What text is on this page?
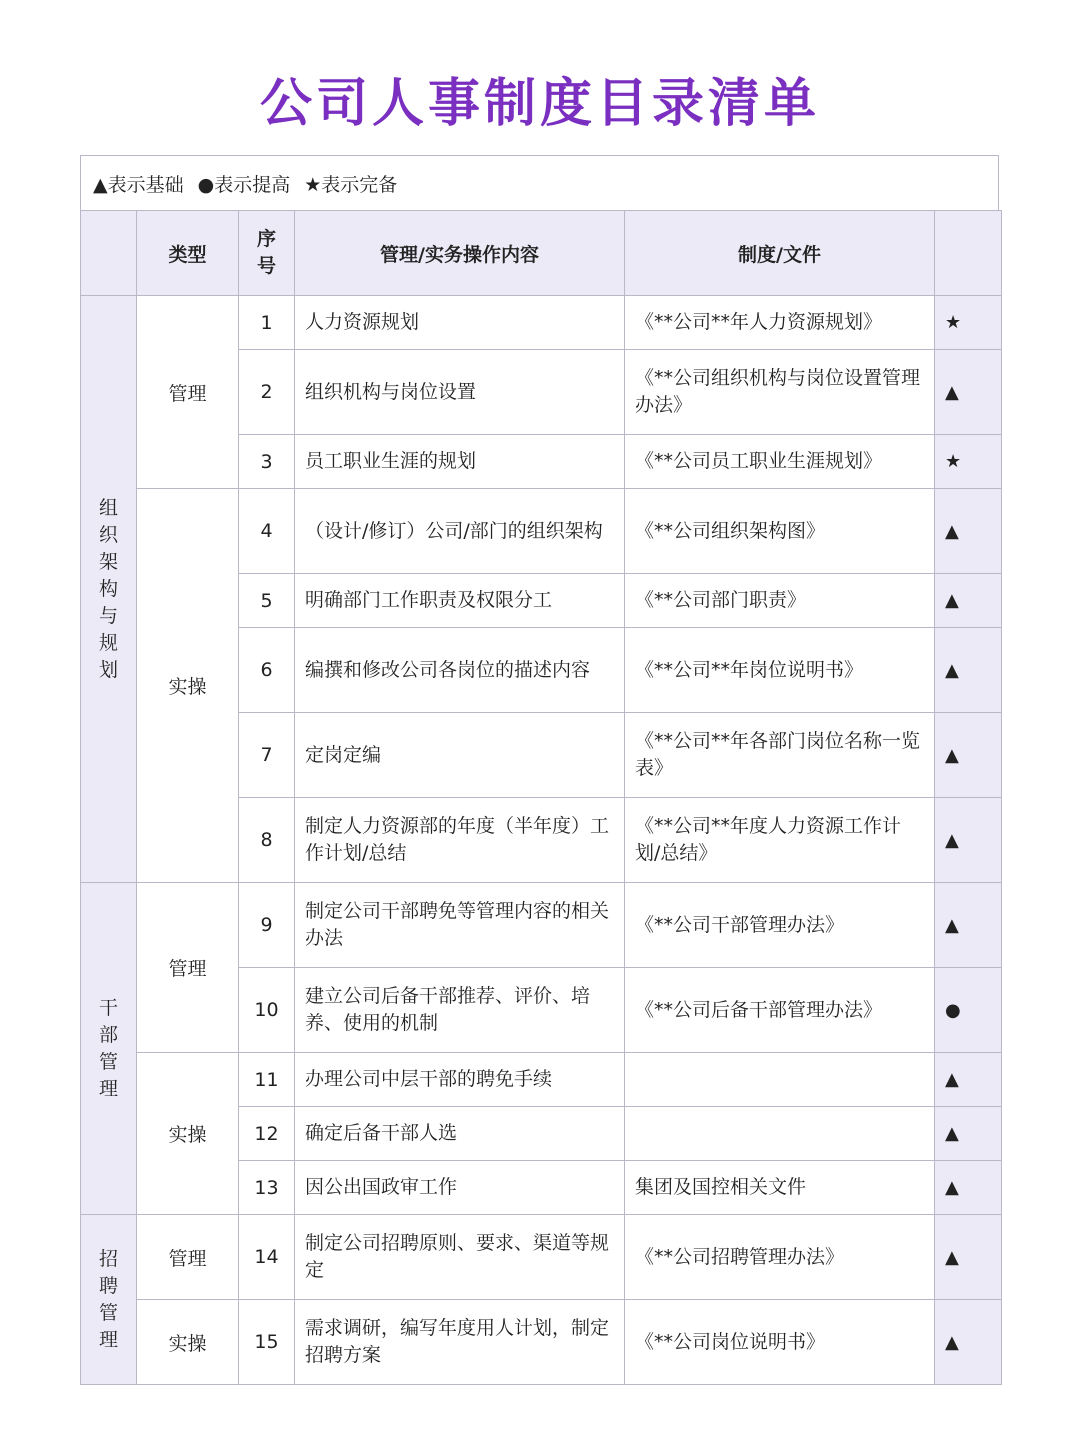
公司人事制度目录清单
▲表示基础 ●表示提高 ★表示完备
	类型	序号	管理/实务操作内容	制度/文件	

组织架构与规划	管理	1	人力资源规划	《**公司**年人力资源规划》	★
		2	组织机构与岗位设置	《**公司组织机构与岗位设置管理办法》	▲
		3	员工职业生涯的规划	《**公司员工职业生涯规划》	★
	实操	4	（设计/修订）公司/部门的组织架构	《**公司组织架构图》	▲
		5	明确部门工作职责及权限分工	《**公司部门职责》	▲
		6	编撰和修改公司各岗位的描述内容	《**公司**年岗位说明书》	▲
		7	定岗定编	《**公司**年各部门岗位名称一览表》	▲
		8	制定人力资源部的年度（半年度）工作计划/总结	《**公司**年度人力资源工作计划/总结》	▲

干部管理	管理	9	制定公司干部聘免等管理内容的相关办法	《**公司干部管理办法》	▲
		10	建立公司后备干部推荐、评价、培养、使用的机制	《**公司后备干部管理办法》	●
	实操	11	办理公司中层干部的聘免手续		▲
		12	确定后备干部人选		▲
		13	因公出国政审工作	集团及国控相关文件	▲

招聘管理	管理	14	制定公司招聘原则、要求、渠道等规定	《**公司招聘管理办法》	▲
	实操	15	需求调研，编写年度用人计划，制定招聘方案	《**公司岗位说明书》	▲
